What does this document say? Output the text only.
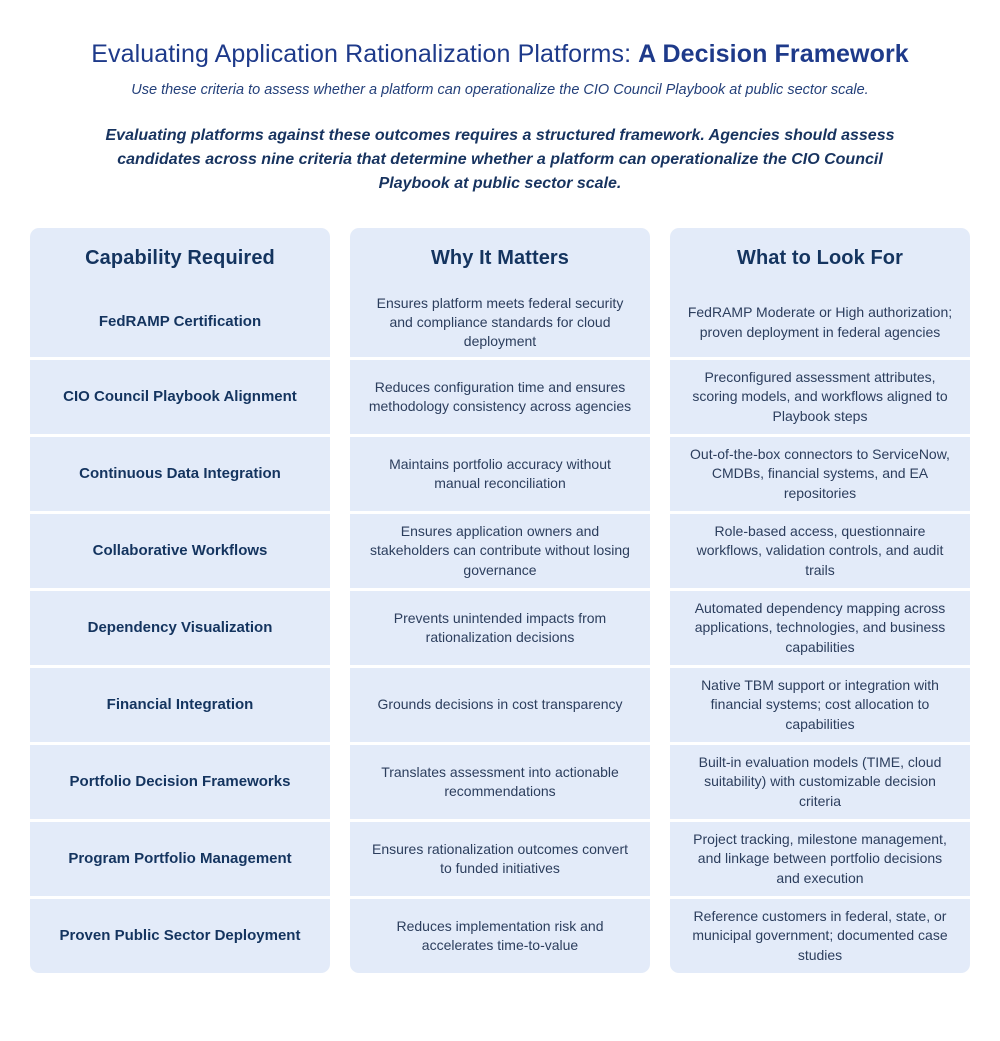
Evaluating Application Rationalization Platforms: A Decision Framework

Use these criteria to assess whether a platform can operationalize the CIO Council Playbook at public sector scale.

Evaluating platforms against these outcomes requires a structured framework. Agencies should assess candidates across nine criteria that determine whether a platform can operationalize the CIO Council Playbook at public sector scale.

Capability Required
FedRAMP Certification
CIO Council Playbook Alignment
Continuous Data Integration
Collaborative Workflows
Dependency Visualization
Financial Integration
Portfolio Decision Frameworks
Program Portfolio Management
Proven Public Sector Deployment
Why It Matters
Ensures platform meets federal security and compliance standards for cloud deployment
Reduces configuration time and ensures methodology consistency across agencies
Maintains portfolio accuracy without manual reconciliation
Ensures application owners and stakeholders can contribute without losing governance
Prevents unintended impacts from rationalization decisions
Grounds decisions in cost transparency
Translates assessment into actionable recommendations
Ensures rationalization outcomes convert to funded initiatives
Reduces implementation risk and accelerates time-to-value
What to Look For
FedRAMP Moderate or High authorization; proven deployment in federal agencies
Preconfigured assessment attributes, scoring models, and workflows aligned to Playbook steps
Out-of-the-box connectors to ServiceNow, CMDBs, financial systems, and EA repositories
Role-based access, questionnaire workflows, validation controls, and audit trails
Automated dependency mapping across applications, technologies, and business capabilities
Native TBM support or integration with financial systems; cost allocation to capabilities
Built-in evaluation models (TIME, cloud suitability) with customizable decision criteria
Project tracking, milestone management, and linkage between portfolio decisions and execution
Reference customers in federal, state, or municipal government; documented case studies
